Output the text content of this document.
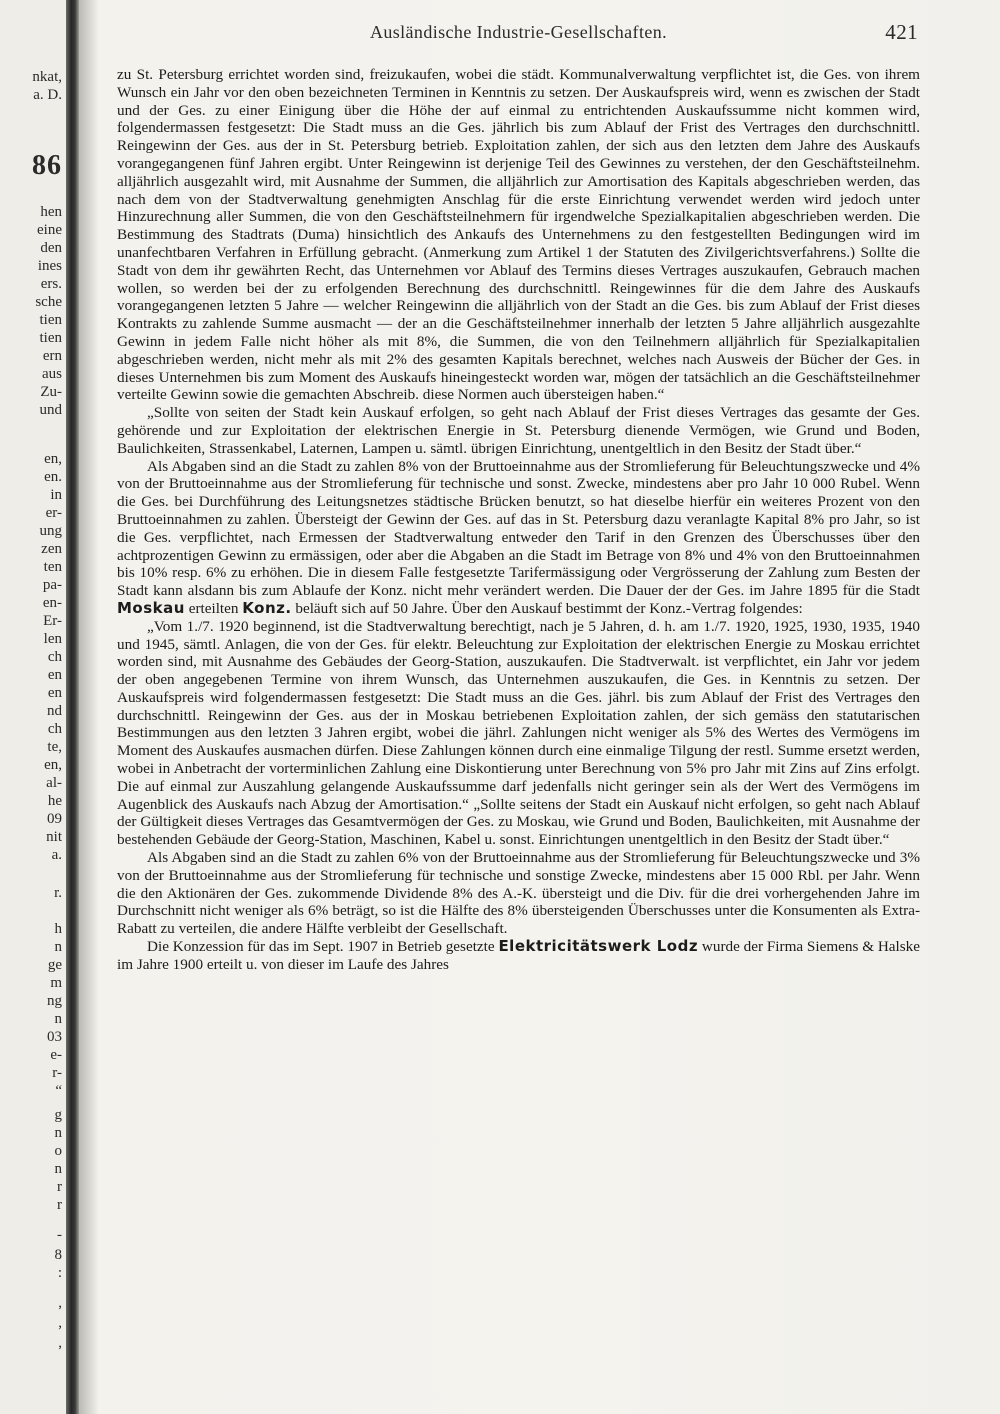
nkat,
a. D.
86
hen
eine
den
ines
ers.
sche
tien
tien
ern
aus
Zu-
und
en,
en.
in
er-
ung
zen
ten
pa-
en-
Er-
len
ch
en
en
nd
ch
te,
en,
al-
he
09
nit
a.
r.
h
n
ge
m
ng
n
03
e-
r-
“
g
n
o
n
r
r
-
8
:
,
,
,
Ausländische Industrie-Gesellschaften.	421

zu St. Petersburg errichtet worden sind, freizukaufen, wobei die städt. Kommunalverwaltung verpflichtet ist, die Ges. von ihrem Wunsch ein Jahr vor den oben bezeichneten Terminen in Kenntnis zu setzen. Der Auskaufspreis wird, wenn es zwischen der Stadt und der Ges. zu einer Einigung über die Höhe der auf einmal zu entrichtenden Auskaufssumme nicht kommen wird, folgendermassen festgesetzt: Die Stadt muss an die Ges. jährlich bis zum Ablauf der Frist des Vertrages den durchschnittl. Reingewinn der Ges. aus der in St. Petersburg betrieb. Exploitation zahlen, der sich aus den letzten dem Jahre des Auskaufs vorangegangenen fünf Jahren ergibt. Unter Reingewinn ist derjenige Teil des Gewinnes zu verstehen, der den Geschäftsteilnehm. alljährlich ausgezahlt wird, mit Ausnahme der Summen, die alljährlich zur Amortisation des Kapitals abgeschrieben werden, das nach dem von der Stadtverwaltung genehmigten Anschlag für die erste Einrichtung verwendet werden wird jedoch unter Hinzurechnung aller Summen, die von den Geschäftsteilnehmern für irgendwelche Spezialkapitalien abgeschrieben werden. Die Bestimmung des Stadtrats (Duma) hinsichtlich des Ankaufs des Unternehmens zu den festgestellten Bedingungen wird im unanfechtbaren Verfahren in Erfüllung gebracht. (Anmerkung zum Artikel 1 der Statuten des Zivilgerichtsverfahrens.) Sollte die Stadt von dem ihr gewährten Recht, das Unternehmen vor Ablauf des Termins dieses Vertrages auszukaufen, Gebrauch machen wollen, so werden bei der zu erfolgenden Berechnung des durchschnittl. Reingewinnes für die dem Jahre des Auskaufs vorangegangenen letzten 5 Jahre — welcher Reingewinn die alljährlich von der Stadt an die Ges. bis zum Ablauf der Frist dieses Kontrakts zu zahlende Summe ausmacht — der an die Geschäftsteilnehmer innerhalb der letzten 5 Jahre alljährlich ausgezahlte Gewinn in jedem Falle nicht höher als mit 8%, die Summen, die von den Teilnehmern alljährlich für Spezialkapitalien abgeschrieben werden, nicht mehr als mit 2% des gesamten Kapitals berechnet, welches nach Ausweis der Bücher der Ges. in dieses Unternehmen bis zum Moment des Auskaufs hineingesteckt worden war, mögen der tatsächlich an die Geschäftsteilnehmer verteilte Gewinn sowie die gemachten Abschreib. diese Normen auch übersteigen haben.“

„Sollte von seiten der Stadt kein Auskauf erfolgen, so geht nach Ablauf der Frist dieses Vertrages das gesamte der Ges. gehörende und zur Exploitation der elektrischen Energie in St. Petersburg dienende Vermögen, wie Grund und Boden, Baulichkeiten, Strassenkabel, Laternen, Lampen u. sämtl. übrigen Einrichtung, unentgeltlich in den Besitz der Stadt über.“

Als Abgaben sind an die Stadt zu zahlen 8% von der Bruttoeinnahme aus der Stromlieferung für Beleuchtungszwecke und 4% von der Bruttoeinnahme aus der Stromlieferung für technische und sonst. Zwecke, mindestens aber pro Jahr 10 000 Rubel. Wenn die Ges. bei Durchführung des Leitungsnetzes städtische Brücken benutzt, so hat dieselbe hierfür ein weiteres Prozent von den Bruttoeinnahmen zu zahlen. Übersteigt der Gewinn der Ges. auf das in St. Petersburg dazu veranlagte Kapital 8% pro Jahr, so ist die Ges. verpflichtet, nach Ermessen der Stadtverwaltung entweder den Tarif in den Grenzen des Überschusses über den achtprozentigen Gewinn zu ermässigen, oder aber die Abgaben an die Stadt im Betrage von 8% und 4% von den Bruttoeinnahmen bis 10% resp. 6% zu erhöhen. Die in diesem Falle festgesetzte Tarifermässigung oder Vergrösserung der Zahlung zum Besten der Stadt kann alsdann bis zum Ablaufe der Konz. nicht mehr verändert werden. Die Dauer der der Ges. im Jahre 1895 für die Stadt Moskau erteilten Konz. beläuft sich auf 50 Jahre. Über den Auskauf bestimmt der Konz.-Vertrag folgendes:

„Vom 1./7. 1920 beginnend, ist die Stadtverwaltung berechtigt, nach je 5 Jahren, d. h. am 1./7. 1920, 1925, 1930, 1935, 1940 und 1945, sämtl. Anlagen, die von der Ges. für elektr. Beleuchtung zur Exploitation der elektrischen Energie zu Moskau errichtet worden sind, mit Ausnahme des Gebäudes der Georg-Station, auszukaufen. Die Stadtverwalt. ist verpflichtet, ein Jahr vor jedem der oben angegebenen Termine von ihrem Wunsch, das Unternehmen auszukaufen, die Ges. in Kenntnis zu setzen. Der Auskaufspreis wird folgendermassen festgesetzt: Die Stadt muss an die Ges. jährl. bis zum Ablauf der Frist des Vertrages den durchschnittl. Reingewinn der Ges. aus der in Moskau betriebenen Exploitation zahlen, der sich gemäss den statutarischen Bestimmungen aus den letzten 3 Jahren ergibt, wobei die jährl. Zahlungen nicht weniger als 5% des Wertes des Vermögens im Moment des Auskaufes ausmachen dürfen. Diese Zahlungen können durch eine einmalige Tilgung der restl. Summe ersetzt werden, wobei in Anbetracht der vorterminlichen Zahlung eine Diskontierung unter Berechnung von 5% pro Jahr mit Zins auf Zins erfolgt. Die auf einmal zur Auszahlung gelangende Auskaufssumme darf jedenfalls nicht geringer sein als der Wert des Vermögens im Augenblick des Auskaufs nach Abzug der Amortisation.“ „Sollte seitens der Stadt ein Auskauf nicht erfolgen, so geht nach Ablauf der Gültigkeit dieses Vertrages das Gesamtvermögen der Ges. zu Moskau, wie Grund und Boden, Baulichkeiten, mit Ausnahme der bestehenden Gebäude der Georg-Station, Maschinen, Kabel u. sonst. Einrichtungen unentgeltlich in den Besitz der Stadt über.“

Als Abgaben sind an die Stadt zu zahlen 6% von der Bruttoeinnahme aus der Stromlieferung für Beleuchtungszwecke und 3% von der Bruttoeinnahme aus der Stromlieferung für technische und sonstige Zwecke, mindestens aber 15 000 Rbl. per Jahr. Wenn die den Aktionären der Ges. zukommende Dividende 8% des A.-K. übersteigt und die Div. für die drei vorhergehenden Jahre im Durchschnitt nicht weniger als 6% beträgt, so ist die Hälfte des 8% übersteigenden Überschusses unter die Konsumenten als Extra-Rabatt zu verteilen, die andere Hälfte verbleibt der Gesellschaft.

Die Konzession für das im Sept. 1907 in Betrieb gesetzte Elektricitätswerk Lodz wurde der Firma Siemens & Halske im Jahre 1900 erteilt u. von dieser im Laufe des Jahres
